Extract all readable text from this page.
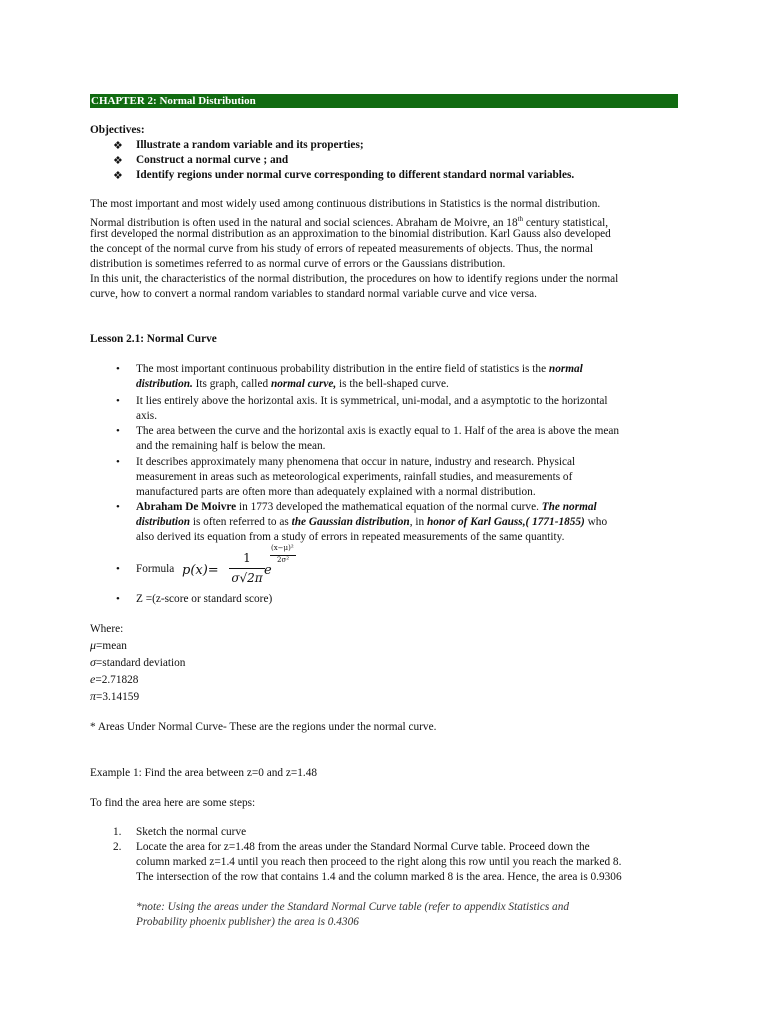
CHAPTER 2: Normal Distribution
Objectives:
❖ Illustrate a random variable and its properties;
❖ Construct a normal curve ; and
❖ Identify regions under normal curve corresponding to different standard normal variables.
The most important and most widely used among continuous distributions in Statistics is the normal distribution.
Normal distribution is often used in the natural and social sciences. Abraham de Moivre, an 18th century statistical,
first developed the normal distribution as an approximation to the binomial distribution. Karl Gauss also developed
the concept of the normal curve from his study of errors of repeated measurements of objects. Thus, the normal
distribution is sometimes referred to as normal curve of errors or the Gaussians distribution.
In this unit, the characteristics of the normal distribution, the procedures on how to identify regions under the normal
curve, how to convert a normal random variables to standard normal variable curve and vice versa.
Lesson 2.1: Normal Curve
• The most important continuous probability distribution in the entire field of statistics is the normal
distribution. Its graph, called normal curve, is the bell-shaped curve.
• It lies entirely above the horizontal axis. It is symmetrical, uni-modal, and a asymptotic to the horizontal
axis.
• The area between the curve and the horizontal axis is exactly equal to 1. Half of the area is above the mean
and the remaining half is below the mean.
• It describes approximately many phenomena that occur in nature, industry and research. Physical
measurement in areas such as meteorological experiments, rainfall studies, and measurements of
manufactured parts are often more than adequately explained with a normal distribution.
• Abraham De Moivre in 1773 developed the mathematical equation of the normal curve. The normal
distribution is often referred to as the Gaussian distribution, in honor of Karl Gauss,( 1771-1855) who
also derived its equation from a study of errors in repeated measurements of the same quantity.
• Formula p(x)=
1
σ√2π e
(x−μ)²
2σ²
• Z =(z-score or standard score)
Where:
μ=mean
σ=standard deviation
e=2.71828
π=3.14159
* Areas Under Normal Curve- These are the regions under the normal curve.
Example 1: Find the area between z=0 and z=1.48
To find the area here are some steps:
1. Sketch the normal curve
2. Locate the area for z=1.48 from the areas under the Standard Normal Curve table. Proceed down the
column marked z=1.4 until you reach then proceed to the right along this row until you reach the marked 8.
The intersection of the row that contains 1.4 and the column marked 8 is the area. Hence, the area is 0.9306
*note: Using the areas under the Standard Normal Curve table (refer to appendix Statistics and
Probability phoenix publisher) the area is 0.4306
